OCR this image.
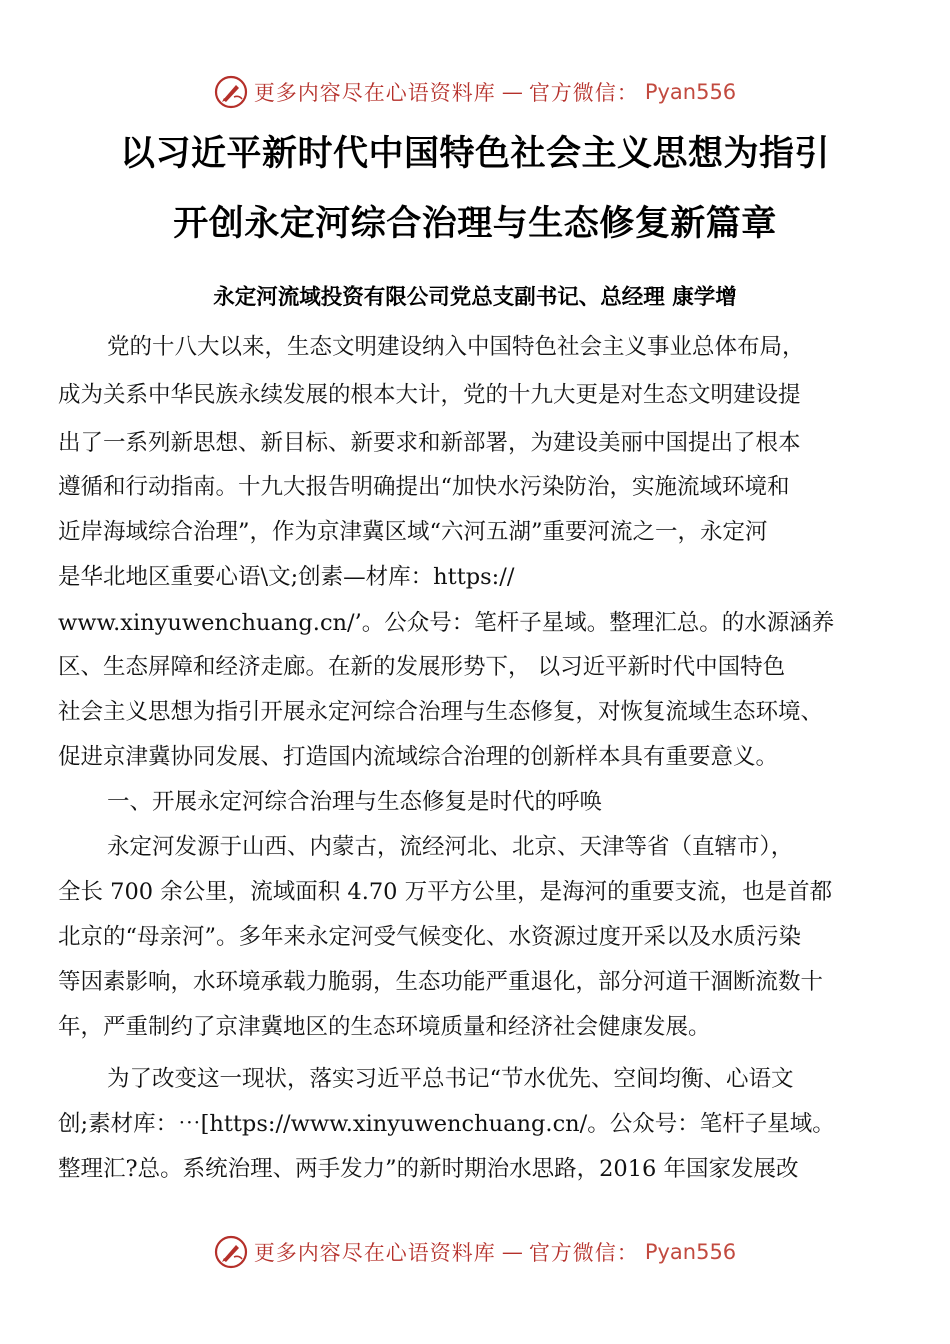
更多内容尽在心语资料库 — 官方微信： Pyan556
以习近平新时代中国特色社会主义思想为指引
开创永定河综合治理与生态修复新篇章
永定河流域投资有限公司党总支副书记、总经理 康学增
党的十八大以来，生态文明建设纳入中国特色社会主义事业总体布局，
成为关系中华民族永续发展的根本大计，党的十九大更是对生态文明建设提
出了一系列新思想、新目标、新要求和新部署，为建设美丽中国提出了根本
遵循和行动指南。十九大报告明确提出“加快水污染防治，实施流域环境和
近岸海域综合治理”，作为京津冀区域“六河五湖”重要河流之一，永定河
是华北地区重要心语\文;创素—材库：https://
www.xinyuwenchuang.cn/’。公众号：笔杆子星域。整理汇总。的水源涵养
区、生态屏障和经济走廊。在新的发展形势下， 以习近平新时代中国特色
社会主义思想为指引开展永定河综合治理与生态修复，对恢复流域生态环境、
促进京津冀协同发展、打造国内流域综合治理的创新样本具有重要意义。
一、开展永定河综合治理与生态修复是时代的呼唤
永定河发源于山西、内蒙古，流经河北、北京、天津等省（直辖市），
全长 700 余公里，流域面积 4.70 万平方公里，是海河的重要支流，也是首都
北京的“母亲河”。多年来永定河受气候变化、水资源过度开采以及水质污染
等因素影响，水环境承载力脆弱，生态功能严重退化，部分河道干涸断流数十
年，严重制约了京津冀地区的生态环境质量和经济社会健康发展。
为了改变这一现状，落实习近平总书记“节水优先、空间均衡、心语文
创;素材库：⋯[https://www.xinyuwenchuang.cn/。公众号：笔杆子星域。
整理汇?总。系统治理、两手发力”的新时期治水思路，2016 年国家发展改
更多内容尽在心语资料库 — 官方微信： Pyan556
